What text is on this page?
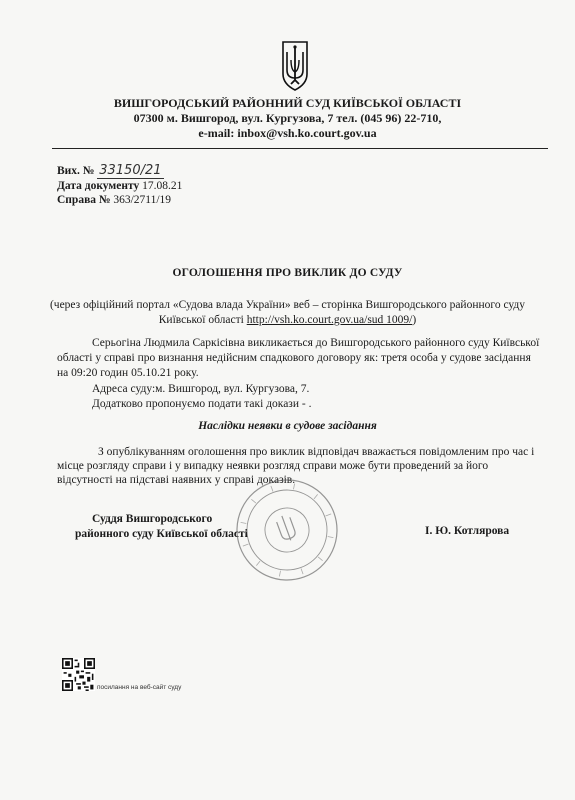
ВИШГОРОДСЬКИЙ РАЙОННИЙ СУД КИЇВСЬКОЇ ОБЛАСТІ
07300 м. Вишгород, вул. Кургузова, 7 тел. (045 96) 22-710,
e-mail: inbox@vsh.ko.court.gov.ua
Вих. № 33150/21
Дата документу 17.08.21
Справа № 363/2711/19
ОГОЛОШЕННЯ ПРО ВИКЛИК ДО СУДУ
(через офіційний портал «Судова влада України» веб – сторінка Вишгородського районного суду
Київської області http://vsh.ko.court.gov.ua/sud 1009/)
Серьогіна Людмила Саркісівна викликається до Вишгородського районного суду Київської
області у справі про визнання недійсним спадкового договору як: третя особа у судове засідання
на 09:20 годин 05.10.21 року.
Адреса суду:м. Вишгород, вул. Кургузова, 7.
Додатково пропонуємо подати такі докази - .
Наслідки неявки в судове засідання
З опублікуванням оголошення про виклик відповідач вважається повідомленим про час і
місце розгляду справи і у випадку неявки розгляд справи може бути проведений за його
відсутності на підставі наявних у справі доказів.
Суддя Вишгородського
районного суду Київської області	І. Ю. Котлярова
посилання на веб-сайт суду
